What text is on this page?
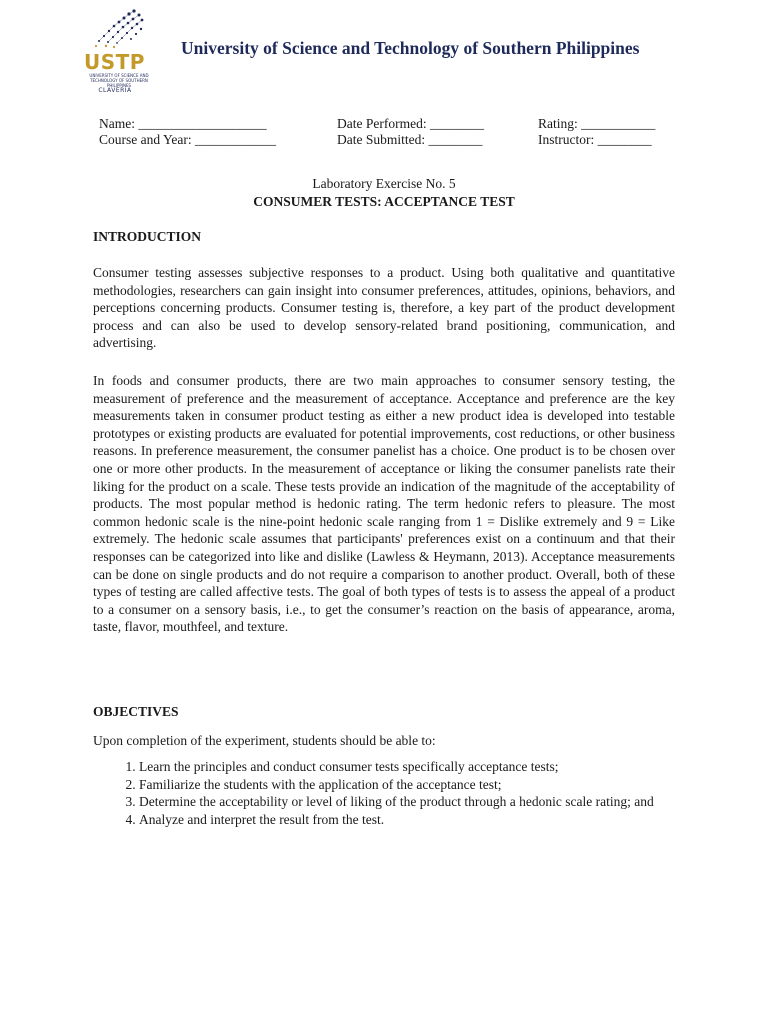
USTP
UNIVERSITY OF SCIENCE AND TECHNOLOGY OF SOUTHERN PHILIPPINES
CLAVERIA
University of Science and Technology of Southern Philippines
Name: ___________________
Course and Year: ____________
Date Performed: ________
Date Submitted: ________
Rating: ___________
Instructor: ________
Laboratory Exercise No. 5
CONSUMER TESTS: ACCEPTANCE TEST
INTRODUCTION

Consumer testing assesses subjective responses to a product. Using both qualitative and quantitative methodologies, researchers can gain insight into consumer preferences, attitudes, opinions, behaviors, and perceptions concerning products. Consumer testing is, therefore, a key part of the product development process and can also be used to develop sensory-related brand positioning, communication, and advertising.

In foods and consumer products, there are two main approaches to consumer sensory testing, the measurement of preference and the measurement of acceptance. Acceptance and preference are the key measurements taken in consumer product testing as either a new product idea is developed into testable prototypes or existing products are evaluated for potential improvements, cost reductions, or other business reasons. In preference measurement, the consumer panelist has a choice. One product is to be chosen over one or more other products. In the measurement of acceptance or liking the consumer panelists rate their liking for the product on a scale. These tests provide an indication of the magnitude of the acceptability of products. The most popular method is hedonic rating. The term hedonic refers to pleasure. The most common hedonic scale is the nine-point hedonic scale ranging from 1 = Dislike extremely and 9 = Like extremely. The hedonic scale assumes that participants' preferences exist on a continuum and that their responses can be categorized into like and dislike (Lawless & Heymann, 2013). Acceptance measurements can be done on single products and do not require a comparison to another product. Overall, both of these types of testing are called affective tests. The goal of both types of tests is to assess the appeal of a product to a consumer on a sensory basis, i.e., to get the consumer’s reaction on the basis of appearance, aroma, taste, flavor, mouthfeel, and texture.

OBJECTIVES
Upon completion of the experiment, students should be able to:
1. Learn the principles and conduct consumer tests specifically acceptance tests;
2. Familiarize the students with the application of the acceptance test;
3. Determine the acceptability or level of liking of the product through a hedonic scale rating; and
4. Analyze and interpret the result from the test.
